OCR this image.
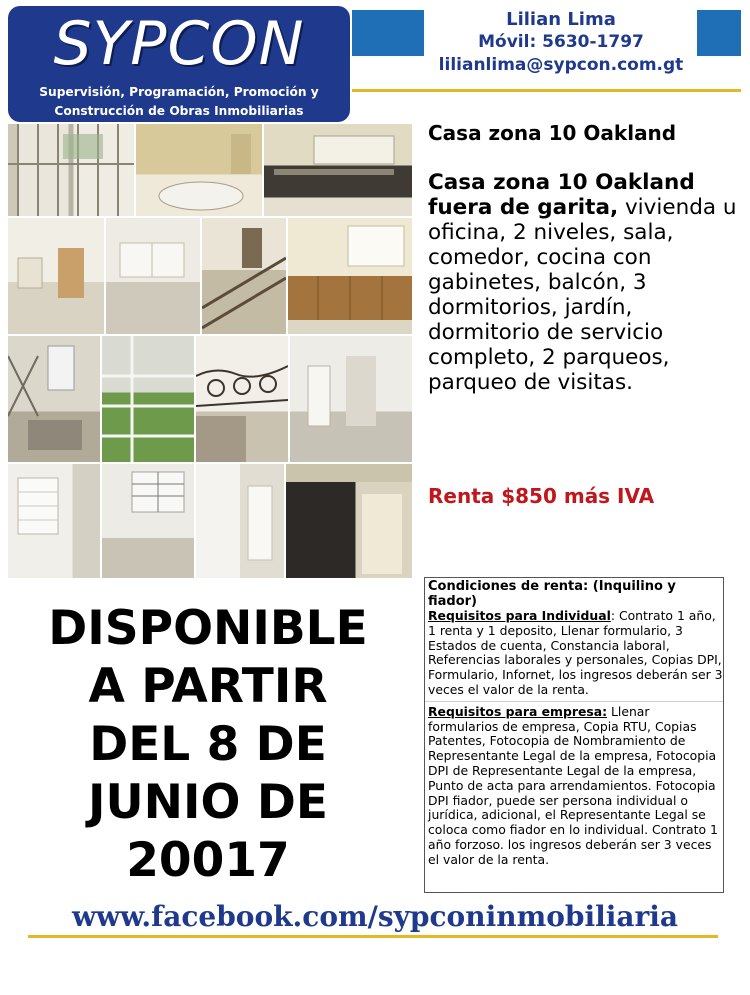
SYPCON
Supervisión, Programación, Promoción y
Construcción de Obras Inmobiliarias
Lilian Lima
Móvil: 5630-1797
lilianlima@sypcon.com.gt
Casa zona 10 Oakland
Casa zona 10 Oakland fuera de garita, vivienda u oficina, 2 niveles, sala, comedor, cocina con gabinetes, balcón, 3 dormitorios, jardín, dormitorio de servicio completo, 2 parqueos, parqueo de visitas.
Renta $850 más IVA
DISPONIBLE
A PARTIR
DEL 8 DE
JUNIO DE
20017
Condiciones de renta: (Inquilino y fiador)

Requisitos para Individual: Contrato 1 año, 1 renta y 1 deposito, Llenar formulario, 3 Estados de cuenta, Constancia laboral, Referencias laborales y personales, Copias DPI, Formulario, Infornet, los ingresos deberán ser 3 veces el valor de la renta.

Requisitos para empresa: Llenar formularios de empresa, Copia RTU, Copias Patentes, Fotocopia de Nombramiento de Representante Legal de la empresa, Fotocopia DPI de Representante Legal de la empresa, Punto de acta para arrendamientos. Fotocopia DPI fiador, puede ser persona individual o jurídica, adicional, el Representante Legal se coloca como fiador en lo individual. Contrato 1 año forzoso. los ingresos deberán ser 3 veces el valor de la renta.

www.facebook.com/sypconinmobiliaria
